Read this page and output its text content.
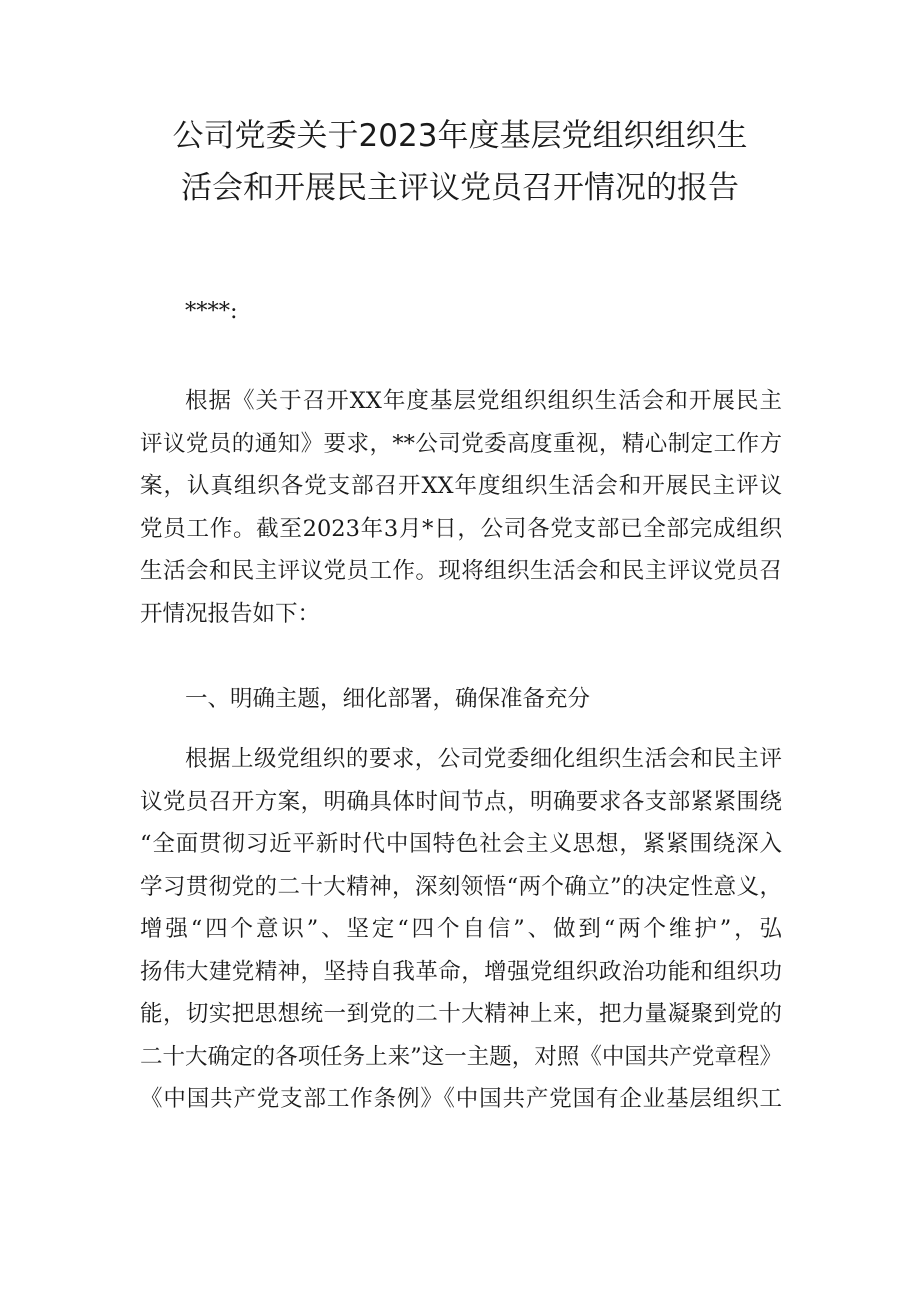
公司党委关于2023年度基层党组织组织生
活会和开展民主评议党员召开情况的报告

****:

根据《关于召开XX年度基层党组织组织生活会和开展民主
评议党员的通知》要求，**公司党委高度重视，精心制定工作方
案，认真组织各党支部召开XX年度组织生活会和开展民主评议
党员工作。截至2023年3月*日，公司各党支部已全部完成组织
生活会和民主评议党员工作。现将组织生活会和民主评议党员召
开情况报告如下：

一、明确主题，细化部署，确保准备充分

根据上级党组织的要求，公司党委细化组织生活会和民主评
议党员召开方案，明确具体时间节点，明确要求各支部紧紧围绕
“全面贯彻习近平新时代中国特色社会主义思想，紧紧围绕深入
学习贯彻党的二十大精神，深刻领悟“两个确立”的决定性意义，
增强“四个意识”、坚定“四个自信”、做到“两个维护”，弘
扬伟大建党精神，坚持自我革命，增强党组织政治功能和组织功
能，切实把思想统一到党的二十大精神上来，把力量凝聚到党的
二十大确定的各项任务上来”这一主题，对照《中国共产党章程》
《中国共产党支部工作条例》《中国共产党国有企业基层组织工
